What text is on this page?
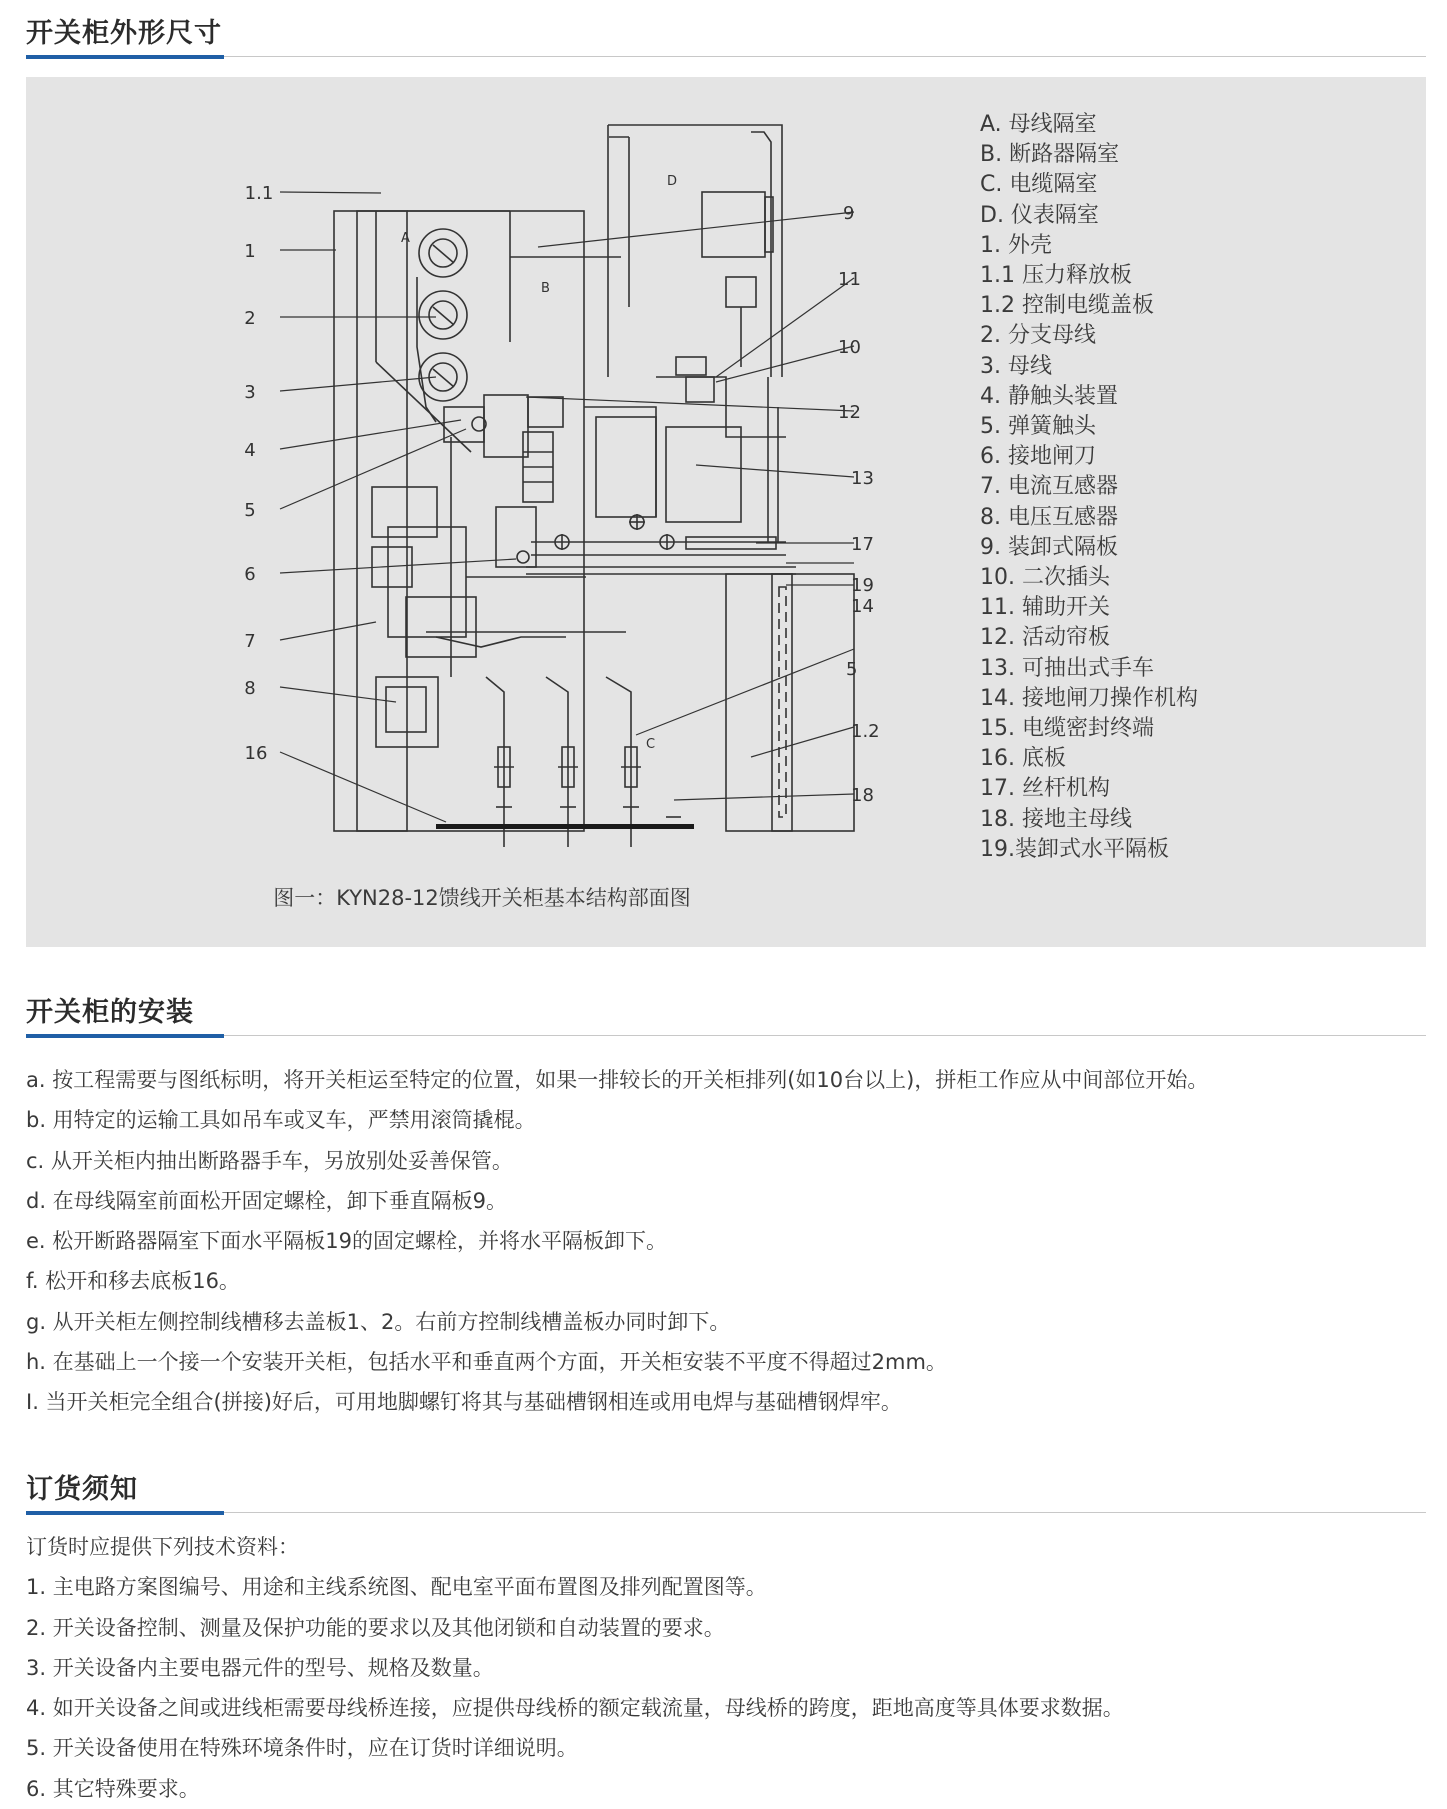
开关柜外形尺寸
A
B
C
D
1.1
1
2
3
4
5
6
7
8
16
9
11
10
12
13
17
19
14
5
1.2
18
A. 母线隔室
B. 断路器隔室
C. 电缆隔室
D. 仪表隔室
1. 外壳
1.1 压力释放板
1.2 控制电缆盖板
2. 分支母线
3. 母线
4. 静触头装置
5. 弹簧触头
6. 接地闸刀
7. 电流互感器
8. 电压互感器
9. 装卸式隔板
10. 二次插头
11. 辅助开关
12. 活动帘板
13. 可抽出式手车
14. 接地闸刀操作机构
15. 电缆密封终端
16. 底板
17. 丝杆机构
18. 接地主母线
19.装卸式水平隔板
图一：KYN28-12馈线开关柜基本结构部面图
开关柜的安装
a. 按工程需要与图纸标明，将开关柜运至特定的位置，如果一排较长的开关柜排列(如10台以上)，拼柜工作应从中间部位开始。
b. 用特定的运输工具如吊车或叉车，严禁用滚筒撬棍。
c. 从开关柜内抽出断路器手车，另放别处妥善保管。
d. 在母线隔室前面松开固定螺栓，卸下垂直隔板9。
e. 松开断路器隔室下面水平隔板19的固定螺栓，并将水平隔板卸下。
f. 松开和移去底板16。
g. 从开关柜左侧控制线槽移去盖板1、2。右前方控制线槽盖板办同时卸下。
h. 在基础上一个接一个安装开关柜，包括水平和垂直两个方面，开关柜安装不平度不得超过2mm。
I. 当开关柜完全组合(拼接)好后，可用地脚螺钉将其与基础槽钢相连或用电焊与基础槽钢焊牢。
订货须知
订货时应提供下列技术资料：
1. 主电路方案图编号、用途和主线系统图、配电室平面布置图及排列配置图等。
2. 开关设备控制、测量及保护功能的要求以及其他闭锁和自动装置的要求。
3. 开关设备内主要电器元件的型号、规格及数量。
4. 如开关设备之间或进线柜需要母线桥连接，应提供母线桥的额定载流量，母线桥的跨度，距地高度等具体要求数据。
5. 开关设备使用在特殊环境条件时，应在订货时详细说明。
6. 其它特殊要求。
